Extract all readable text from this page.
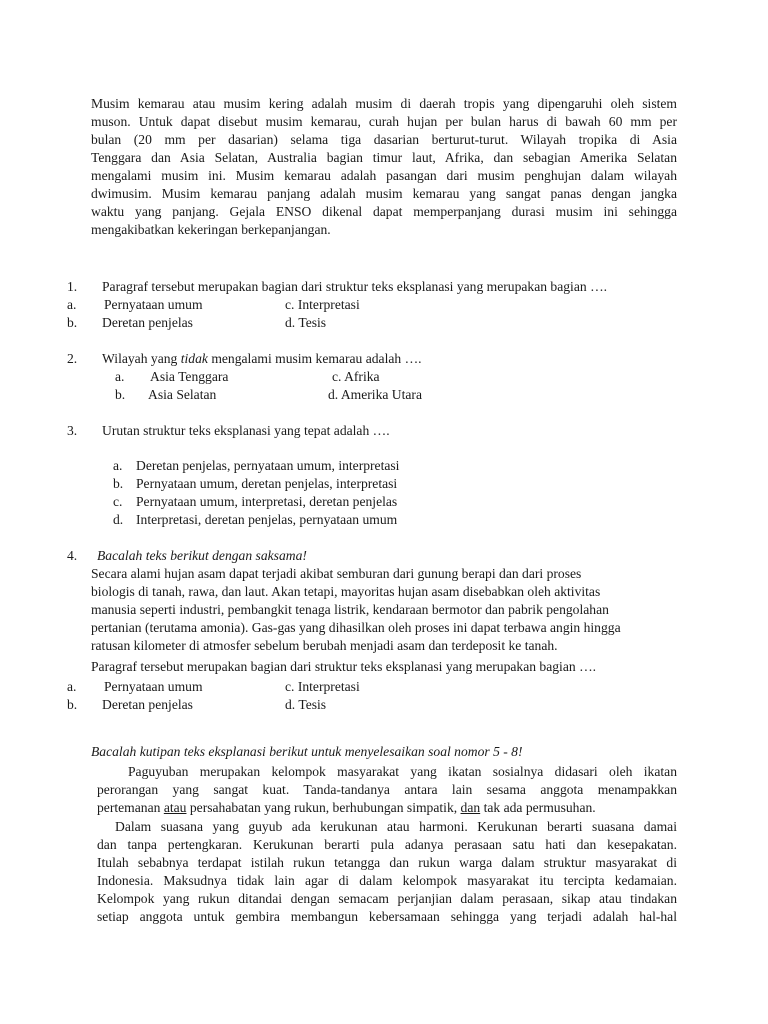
Musim kemarau atau musim kering adalah musim di daerah tropis yang dipengaruhi oleh sistem
muson. Untuk dapat disebut musim kemarau, curah hujan per bulan harus di bawah 60 mm per
bulan (20 mm per dasarian) selama tiga dasarian berturut-turut. Wilayah tropika di Asia
Tenggara dan Asia Selatan, Australia bagian timur laut, Afrika, dan sebagian Amerika Selatan
mengalami musim ini. Musim kemarau adalah pasangan dari musim penghujan dalam wilayah
dwimusim. Musim kemarau panjang adalah musim kemarau yang sangat panas dengan jangka
waktu yang panjang. Gejala ENSO dikenal dapat memperpanjang durasi musim ini sehingga
mengakibatkan kekeringan berkepanjangan.
1. Paragraf tersebut merupakan bagian dari struktur teks eksplanasi yang merupakan bagian ….
a. Pernyataan umum	c. Interpretasi
b. Deretan penjelas	d. Tesis
2. Wilayah yang tidak mengalami musim kemarau adalah ….
a. Asia Tenggara	c. Afrika
b. Asia Selatan	d. Amerika Utara
3. Urutan struktur teks eksplanasi yang tepat adalah ….
a. Deretan penjelas, pernyataan umum, interpretasi
b. Pernyataan umum, deretan penjelas, interpretasi
c. Pernyataan umum, interpretasi, deretan penjelas
d. Interpretasi, deretan penjelas, pernyataan umum
4. Bacalah teks berikut dengan saksama!
Secara alami hujan asam dapat terjadi akibat semburan dari gunung berapi dan dari proses
biologis di tanah, rawa, dan laut. Akan tetapi, mayoritas hujan asam disebabkan oleh aktivitas
manusia seperti industri, pembangkit tenaga listrik, kendaraan bermotor dan pabrik pengolahan
pertanian (terutama amonia). Gas-gas yang dihasilkan oleh proses ini dapat terbawa angin hingga
ratusan kilometer di atmosfer sebelum berubah menjadi asam dan terdeposit ke tanah.
Paragraf tersebut merupakan bagian dari struktur teks eksplanasi yang merupakan bagian ….
a. Pernyataan umum	c. Interpretasi
b. Deretan penjelas	d. Tesis
Bacalah kutipan teks eksplanasi berikut untuk menyelesaikan soal nomor 5 - 8!
Paguyuban merupakan kelompok masyarakat yang ikatan sosialnya didasari oleh ikatan
perorangan yang sangat kuat. Tanda-tandanya antara lain sesama anggota menampakkan
pertemanan atau persahabatan yang rukun, berhubungan simpatik, dan tak ada permusuhan.
Dalam suasana yang guyub ada kerukunan atau harmoni. Kerukunan berarti suasana damai
dan tanpa pertengkaran. Kerukunan berarti pula adanya perasaan satu hati dan kesepakatan.
Itulah sebabnya terdapat istilah rukun tetangga dan rukun warga dalam struktur masyarakat di
Indonesia. Maksudnya tidak lain agar di dalam kelompok masyarakat itu tercipta kedamaian.
Kelompok yang rukun ditandai dengan semacam perjanjian dalam perasaan, sikap atau tindakan
setiap anggota untuk gembira membangun kebersamaan sehingga yang terjadi adalah hal-hal
